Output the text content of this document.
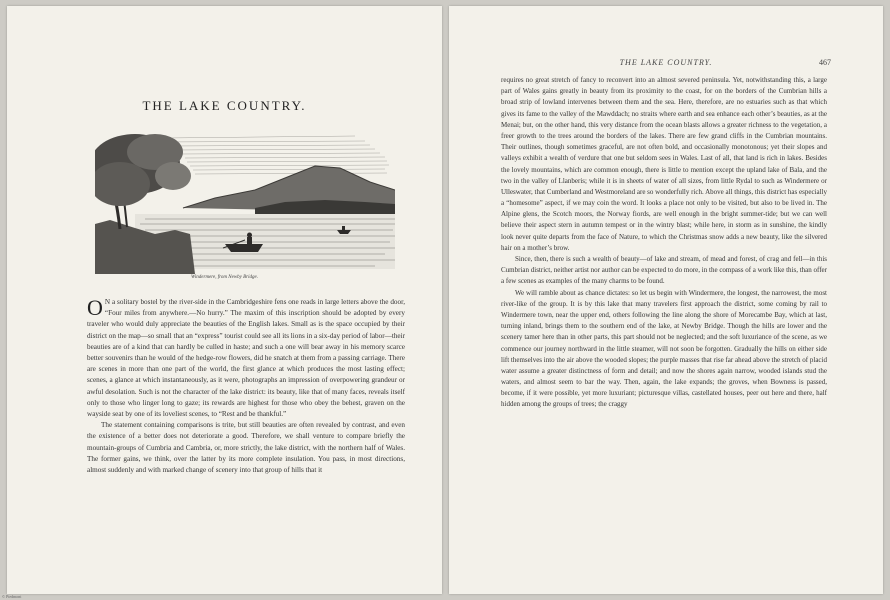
THE LAKE COUNTRY.
Windermere, from Newby Bridge.

O N a solitary bostel by the river-side in the Cambridgeshire fens one reads in large letters above the door, “Four miles from anywhere.—No hurry.” The maxim of this inscription should be adopted by every traveler who would duly appreciate the beauties of the English lakes. Small as is the space occupied by their district on the map—so small that an “express” tourist could see all its lions in a six-day period of labor—their beauties are of a kind that can hardly be culled in haste; and such a one will bear away in his memory scarce better souvenirs than he would of the hedge-row flowers, did he snatch at them from a passing carriage. There are scenes in more than one part of the world, the first glance at which produces the most lasting effect; scenes, a glance at which instantaneously, as it were, photographs an impression of overpowering grandeur or awful desolation. Such is not the character of the lake district: its beauty, like that of many faces, reveals itself only to those who linger long to gaze; its rewards are highest for those who obey the behest, graven on the wayside seat by one of its loveliest scenes, to “Rest and be thankful.”

The statement containing comparisons is trite, but still beauties are often revealed by contrast, and even the existence of a better does not deteriorate a good. Therefore, we shall venture to compare briefly the mountain-groups of Cumbria and Cambria, or, more strictly, the lake district, with the northern half of Wales. The former gains, we think, over the latter by its more complete insulation. You pass, in most directions, almost suddenly and with marked change of scenery into that group of hills that it

THE LAKE COUNTRY.	467

requires no great stretch of fancy to reconvert into an almost severed peninsula. Yet, notwithstanding this, a large part of Wales gains greatly in beauty from its proximity to the coast, for on the borders of the Cumbrian hills a broad strip of lowland intervenes between them and the sea. Here, therefore, are no estuaries such as that which gives its fame to the valley of the Mawddach; no straits where earth and sea enhance each other’s beauties, as at the Menai; but, on the other hand, this very distance from the ocean blasts allows a greater richness to the vegetation, a freer growth to the trees around the borders of the lakes. There are few grand cliffs in the Cumbrian mountains. Their outlines, though sometimes graceful, are not often bold, and occasionally monotonous; yet their slopes and valleys exhibit a wealth of verdure that one but seldom sees in Wales. Last of all, that land is rich in lakes. Besides the lovely mountains, which are common enough, there is little to mention except the upland lake of Bala, and the two in the valley of Llanberis; while it is in sheets of water of all sizes, from little Rydal to such as Windermere or Ulleswater, that Cumberland and Westmoreland are so wonderfully rich. Above all things, this district has especially a “homesome” aspect, if we may coin the word. It looks a place not only to be visited, but also to be lived in. The Alpine glens, the Scotch moors, the Norway fiords, are well enough in the bright summer-tide; but we can well believe their aspect stern in autumn tempest or in the wintry blast; while here, in storm as in sunshine, the kindly look never quite departs from the face of Nature, to which the Christmas snow adds a new beauty, like the silvered hair on a mother’s brow.

Since, then, there is such a wealth of beauty—of lake and stream, of mead and forest, of crag and fell—in this Cumbrian district, neither artist nor author can be expected to do more, in the compass of a work like this, than offer a few scenes as examples of the many charms to be found.

We will ramble about as chance dictates: so let us begin with Windermere, the longest, the narrowest, the most river-like of the group. It is by this lake that many travelers first approach the district, some coming by rail to Windermere town, near the upper end, others following the line along the shore of Morecambe Bay, which at last, turning inland, brings them to the southern end of the lake, at Newby Bridge. Though the hills are lower and the scenery tamer here than in other parts, this part should not be neglected; and the soft luxuriance of the scene, as we commence our journey northward in the little steamer, will not soon be forgotten. Gradually the hills on either side lift themselves into the air above the wooded slopes; the purple masses that rise far ahead above the stretch of placid water assume a greater distinctness of form and detail; and now the shores again narrow, wooded islands stud the waters, and almost seem to bar the way. Then, again, the lake expands; the groves, when Bowness is passed, become, if it were possible, yet more luxuriant; picturesque villas, castellated houses, peer out here and there, half hidden among the groups of trees; the craggy

© Piedmont
